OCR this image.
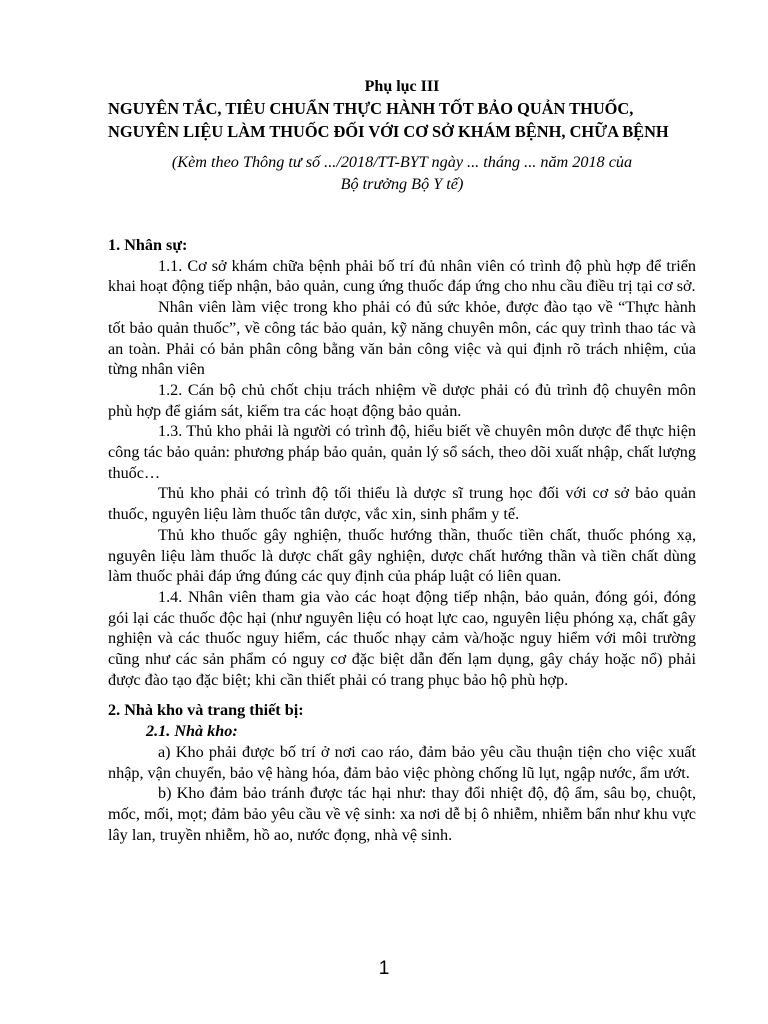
Phụ lục III
NGUYÊN TẮC, TIÊU CHUẨN THỰC HÀNH TỐT BẢO QUẢN THUỐC, NGUYÊN LIỆU LÀM THUỐC ĐỐI VỚI CƠ SỞ KHÁM BỆNH, CHỮA BỆNH
(Kèm theo Thông tư số .../2018/TT-BYT ngày ... tháng ... năm 2018 của
Bộ trưởng Bộ Y tế)

1. Nhân sự:

1.1. Cơ sở khám chữa bệnh phải bố trí đủ nhân viên có trình độ phù hợp để triển khai hoạt động tiếp nhận, bảo quản, cung ứng thuốc đáp ứng cho nhu cầu điều trị tại cơ sở.

Nhân viên làm việc trong kho phải có đủ sức khỏe, được đào tạo về “Thực hành tốt bảo quản thuốc”, về công tác bảo quản, kỹ năng chuyên môn, các quy trình thao tác và an toàn. Phải có bản phân công bằng văn bản công việc và qui định rõ trách nhiệm, của từng nhân viên

1.2. Cán bộ chủ chốt chịu trách nhiệm về dược phải có đủ trình độ chuyên môn phù hợp để giám sát, kiểm tra các hoạt động bảo quản.

1.3. Thủ kho phải là người có trình độ, hiểu biết về chuyên môn dược để thực hiện công tác bảo quản: phương pháp bảo quản, quản lý sổ sách, theo dõi xuất nhập, chất lượng thuốc…

Thủ kho phải có trình độ tối thiểu là dược sĩ trung học đối với cơ sở bảo quản thuốc, nguyên liệu làm thuốc tân dược, vắc xin, sinh phẩm y tế.

Thủ kho thuốc gây nghiện, thuốc hướng thần, thuốc tiền chất, thuốc phóng xạ, nguyên liệu làm thuốc là dược chất gây nghiện, dược chất hướng thần và tiền chất dùng làm thuốc phải đáp ứng đúng các quy định của pháp luật có liên quan.

1.4. Nhân viên tham gia vào các hoạt động tiếp nhận, bảo quản, đóng gói, đóng gói lại các thuốc độc hại (như nguyên liệu có hoạt lực cao, nguyên liệu phóng xạ, chất gây nghiện và các thuốc nguy hiểm, các thuốc nhạy cảm và/hoặc nguy hiểm với môi trường cũng như các sản phẩm có nguy cơ đặc biệt dẫn đến lạm dụng, gây cháy hoặc nổ) phải được đào tạo đặc biệt; khi cần thiết phải có trang phục bảo hộ phù hợp.

2. Nhà kho và trang thiết bị:

2.1. Nhà kho:

a) Kho phải được bố trí ở nơi cao ráo, đảm bảo yêu cầu thuận tiện cho việc xuất nhập, vận chuyển, bảo vệ hàng hóa, đảm bảo việc phòng chống lũ lụt, ngập nước, ẩm ướt.

b) Kho đảm bảo tránh được tác hại như: thay đổi nhiệt độ, độ ẩm, sâu bọ, chuột, mốc, mối, mọt; đảm bảo yêu cầu về vệ sinh: xa nơi dễ bị ô nhiễm, nhiễm bẩn như khu vực lây lan, truyền nhiễm, hồ ao, nước đọng, nhà vệ sinh.

1
